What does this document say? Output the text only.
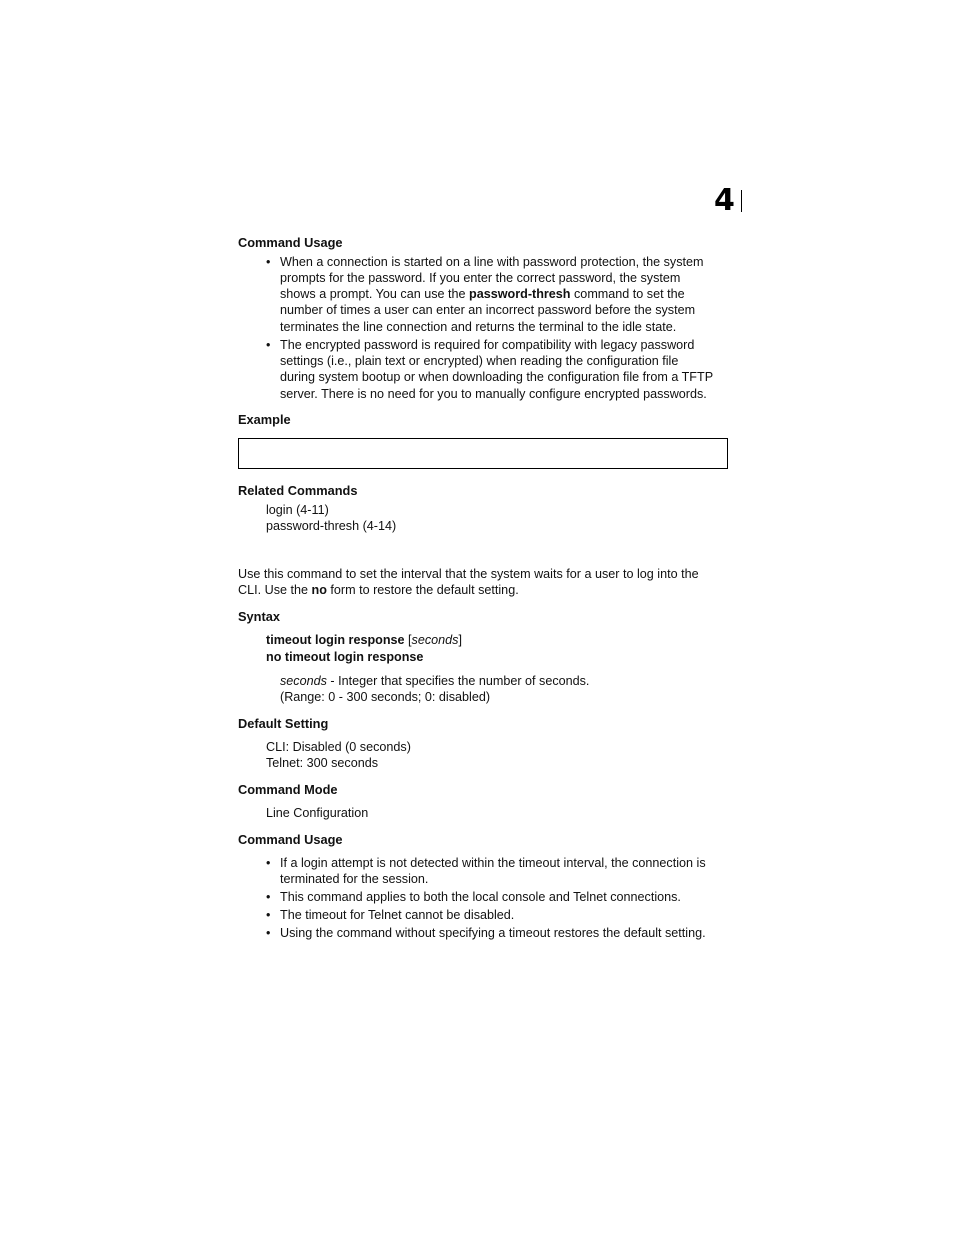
4
Command Usage
• When a connection is started on a line with password protection, the system
prompts for the password. If you enter the correct password, the system
shows a prompt. You can use the password-thresh command to set the
number of times a user can enter an incorrect password before the system
terminates the line connection and returns the terminal to the idle state.
• The encrypted password is required for compatibility with legacy password
settings (i.e., plain text or encrypted) when reading the configuration file
during system bootup or when downloading the configuration file from a TFTP
server. There is no need for you to manually configure encrypted passwords.
Example
Related Commands
login (4-11)
password-thresh (4-14)
Use this command to set the interval that the system waits for a user to log into the
CLI. Use the no form to restore the default setting.
Syntax
timeout login response [seconds]
no timeout login response
seconds - Integer that specifies the number of seconds.
(Range: 0 - 300 seconds; 0: disabled)
Default Setting
CLI: Disabled (0 seconds)
Telnet: 300 seconds
Command Mode
Line Configuration
Command Usage
• If a login attempt is not detected within the timeout interval, the connection is
terminated for the session.
• This command applies to both the local console and Telnet connections.
• The timeout for Telnet cannot be disabled.
• Using the command without specifying a timeout restores the default setting.
